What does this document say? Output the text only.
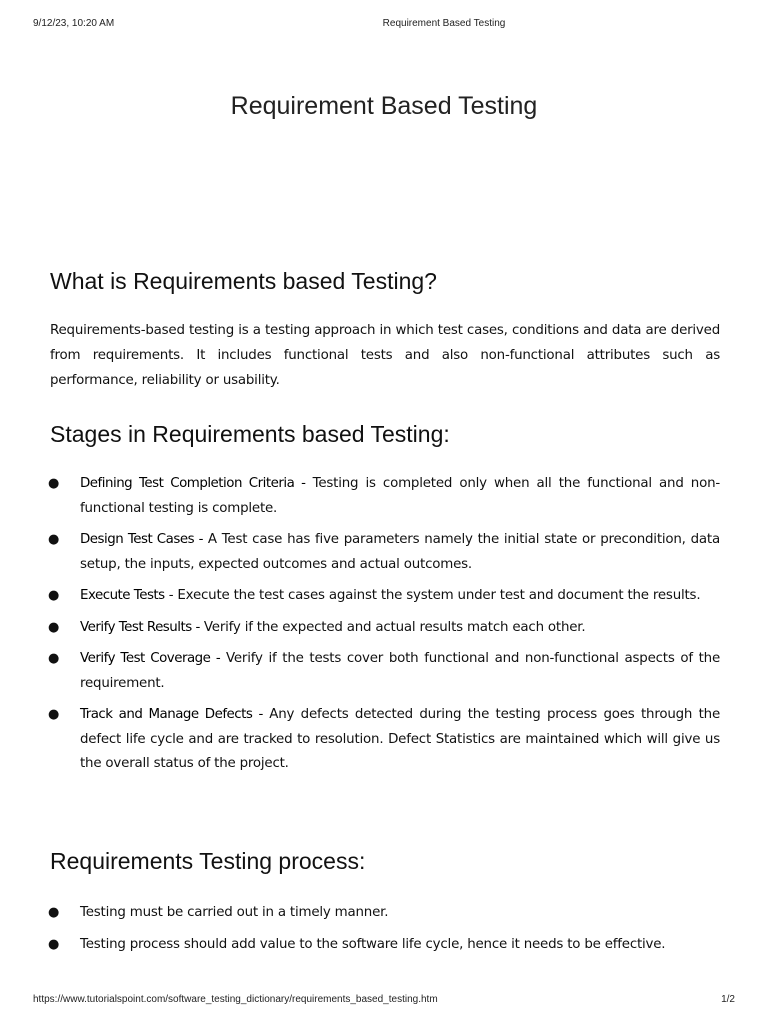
9/12/23, 10:20 AM	Requirement Based Testing
Requirement Based Testing
What is Requirements based Testing?

Requirements-based testing is a testing approach in which test cases, conditions and data are derived from requirements. It includes functional tests and also non-functional attributes such as performance, reliability or usability.

Stages in Requirements based Testing:
● Defining Test Completion Criteria - Testing is completed only when all the functional and non-functional testing is complete.
● Design Test Cases - A Test case has five parameters namely the initial state or precondition, data setup, the inputs, expected outcomes and actual outcomes.
● Execute Tests - Execute the test cases against the system under test and document the results.
● Verify Test Results - Verify if the expected and actual results match each other.
● Verify Test Coverage - Verify if the tests cover both functional and non-functional aspects of the requirement.
● Track and Manage Defects - Any defects detected during the testing process goes through the defect life cycle and are tracked to resolution. Defect Statistics are maintained which will give us the overall status of the project.
Requirements Testing process:
● Testing must be carried out in a timely manner.
● Testing process should add value to the software life cycle, hence it needs to be effective.
https://www.tutorialspoint.com/software_testing_dictionary/requirements_based_testing.htm	1/2
